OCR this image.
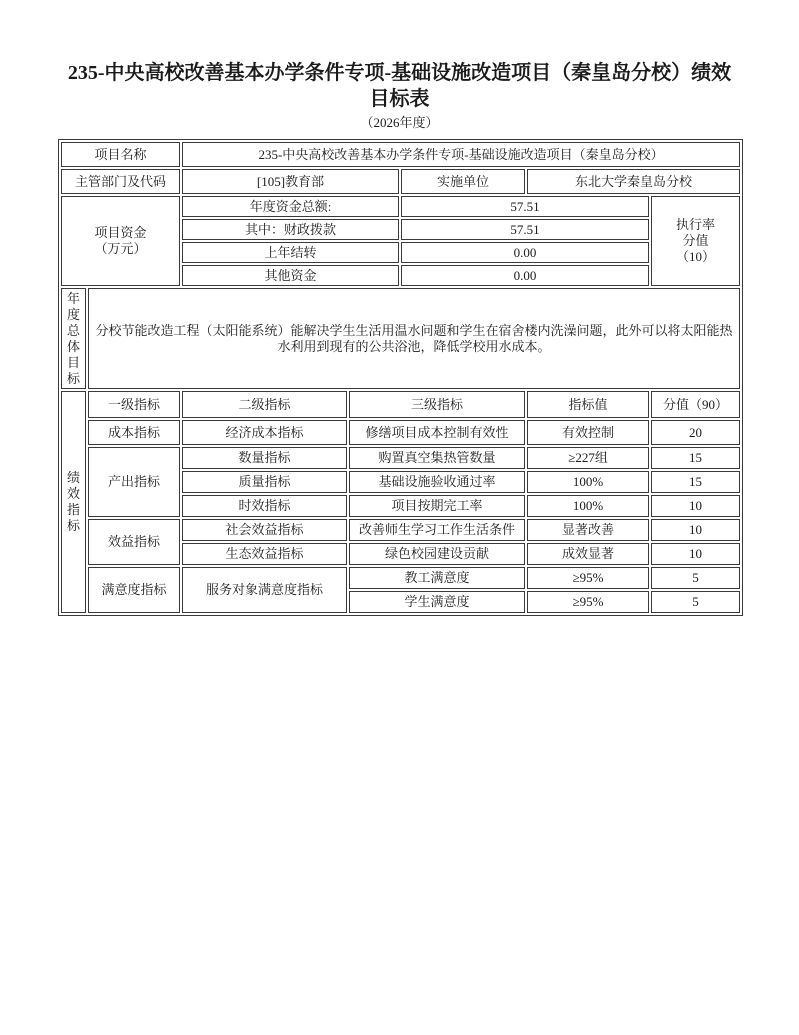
235-中央高校改善基本办学条件专项-基础设施改造项目（秦皇岛分校）绩效目标表
（2026年度）
项目名称		235-中央高校改善基本办学条件专项-基础设施改造项目（秦皇岛分校）				
主管部门及代码		[105]教育部		实施单位	东北大学秦皇岛分校	

项目资金
（万元）
	年度资金总额:	57.51	
执行率
分值
（10）

		其中：财政拨款		57.51		
		上年结转		0.00		
		其他资金		0.00		

年度总体目标	分校节能改造工程（太阳能系统）能解决学生生活用温水问题和学生在宿舍楼内洗澡问题，此外可以将太阳能热水利用到现有的公共浴池，降低学校用水成本。					

绩效指标	一级指标	二级指标	三级指标		指标值	分值（90）
	成本指标	经济成本指标	修缮项目成本控制有效性		有效控制	20
	产出指标	数量指标	购置真空集热管数量		≥227组	15
		质量指标	基础设施验收通过率		100%	15
		时效指标	项目按期完工率		100%	10
	效益指标	社会效益指标	改善师生学习工作生活条件		显著改善	10
		生态效益指标	绿色校园建设贡献		成效显著	10
	满意度指标	服务对象满意度指标	教工满意度		≥95%	5
			学生满意度		≥95%	5
